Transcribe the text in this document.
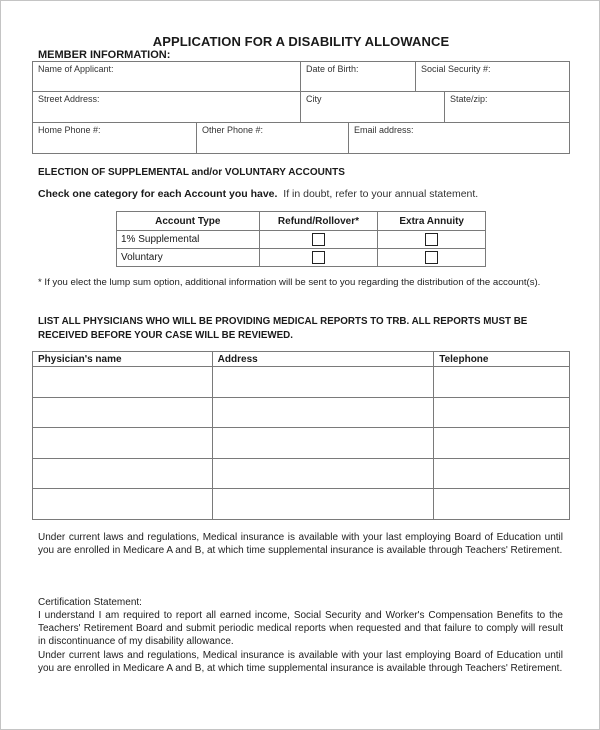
APPLICATION FOR A DISABILITY ALLOWANCE
MEMBER INFORMATION:
Name of Applicant:	Date of Birth:	Social Security #:
Street Address:	City	State/zip:
Home Phone #:	Other Phone #:	Email address:
ELECTION OF SUPPLEMENTAL and/or VOLUNTARY ACCOUNTS
Check one category for each Account you have. If in doubt, refer to your annual statement.
Account Type	Refund/Rollover*	Extra Annuity
1% Supplemental		
Voluntary		
* If you elect the lump sum option, additional information will be sent to you regarding the distribution of the account(s).
LIST ALL PHYSICIANS WHO WILL BE PROVIDING MEDICAL REPORTS TO TRB. ALL REPORTS MUST BE RECEIVED BEFORE YOUR CASE WILL BE REVIEWED.
Physician's name	Address	Telephone

Under current laws and regulations, Medical insurance is available with your last employing Board of Education until you are enrolled in Medicare A and B, at which time supplemental insurance is available through Teachers' Retirement.
Certification Statement:
I understand I am required to report all earned income, Social Security and Worker's Compensation Benefits to the Teachers' Retirement Board and submit periodic medical reports when requested and that failure to comply will result in discontinuance of my disability allowance.
Under current laws and regulations, Medical insurance is available with your last employing Board of Education until you are enrolled in Medicare A and B, at which time supplemental insurance is available through Teachers' Retirement.
